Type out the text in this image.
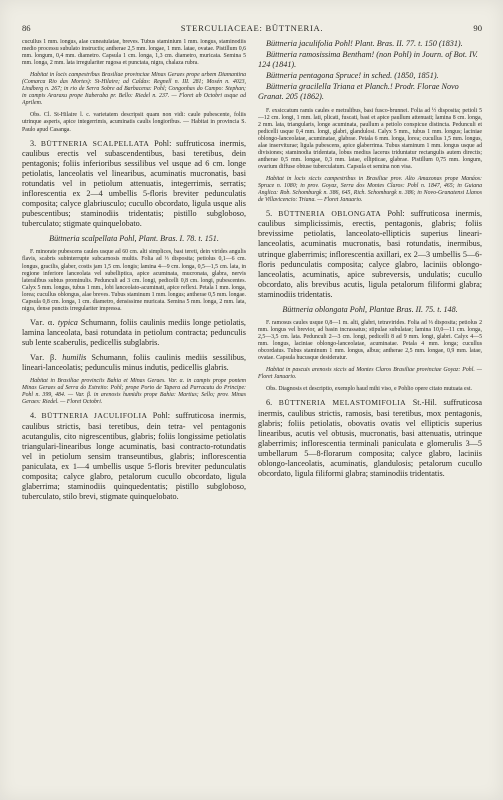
86	STERCULIACEAE: BÜTTNERIA.	90

cucullus 1 mm. longus, alae cuneatulatae, breves. Tubus staminium 1 mm. longus, staminodiis medio processu subulato instructis; antherae 2,5 mm. longae, 1 mm. latae, ovatae. Pistillum 0,6 mm. longum, 0,4 mm. diametro. Capsula 1 cm. longa, 1,3 cm. diametro, muricata. Semina 5 mm. longa, 2 mm. lata irregulariter rugosa et punctata, nigra, chalaza rubra.

Habitat in locis campestribus Brasiliae provinciae Minas Geraes prope urbem Diamantina (Comarca Rio das Mortes): St-Hilaire; ad Caldas: Regnell n. III. 281; Mosén n. 4023, Lindberg n. 267; in rio de Serra Sobre ad Barbacena: Pohl; Congonhas do Campo: Stephan; in campis Araraxu prope Itaberaba pr. Bello: Riedel n. 237. — Floret ab Octobri usque ad Aprilem.

Obs. Cl. St-Hilaire l. c. varietatem descripsit quam non vidi: caule pubescente, foliis utrinque asperis, apice integerrimis, acuminatis caulis longioribus. — Habitat in provincia S. Paulo apud Casanga.

3. BÜTTNERIA SCALPELLATA Pohl: suffruticosa inermis, caulibus erectis vel subascendentibus, basi teretibus, dein pentagonis; foliis inferioribus sessilibus vel usque ad 6 cm. longe petiolatis, lanceolatis vel linearibus, acuminatis mucronatis, basi rotundatis vel in petiolum attenuatis, integerrimis, serratis; inflorescentia ex 2—4 umbellis 5-floris breviter pedunculatis composita; calyce glabriusculo; cucullo obcordato, ligula usque alis pubescentibus; staminodiis tridentatis; pistillo subgloboso, tuberculato; stigmate quinquelobato.

Büttneria scalpellata Pohl, Plant. Bras. I. 78. t. 151.

F. minorate pubescens caules usque ad 60 cm. alti simplices, basi tereti, dein virides angulis flavis, scabris subinterrupte subcarnosis multis. Folia ad ⅓ disposita; petiolus 0,1—6 cm. longus, gracilis, glaber, costis jam 1,5 cm. longis; lamina 4—9 cm. longa, 0,5—1,5 cm. lata, in regione inferiore lanceolata vel subelliptica, apice acuminata, mucronata, glabra, nervis lateralibus subtus prominulis. Pedunculi ad 3 cm. longi, pedicelli 0,8 cm. longi, pubescentes. Calyx 5 mm. longus, tubus 1 mm., lobi lanceolato-acuminati, apice reflexi. Petala 1 mm. longa, lorea; cucullus oblongus, alae breves. Tubus staminum 1 mm. longus; antherae 0,5 mm. longae. Capsula 0,8 cm. longa, 1 cm. diametro, densissime muricata. Semina 5 mm. longa, 2 mm. lata, nigra, dense punctis irregulariter impressa.

Var. α. typica Schumann, foliis caulinis mediis longe petiolatis, lamina lanceolata, basi rotundata in petiolum contracta; pedunculis sub lente scaberulis, pedicellis subglabris.

Var. β. humilis Schumann, foliis caulinis mediis sessilibus, lineari-lanceolatis; pedunculis minus indutis, pedicellis glabris.

Habitat in Brasiliae provinciis Bahia et Minas Geraes. Var. α. in campis prope pontem Minas Geraes ad Serra do Estreito: Pohl; prope Porto de Tapera ad Parracatu do Principe: Pohl n. 399, 484. — Var. β. in arenosis humidis prope Bahia: Martius; Sello; prov. Minas Geraes: Riedel. — Floret Octobri.

4. BÜTTNERIA JACULIFOLIA Pohl: suffruticosa inermis, caulibus strictis, basi teretibus, dein tetra- vel pentagonis acutangulis, cito nigrescentibus, glabris; foliis longissime petiolatis triangulari-linearibus longe acuminatis, basi contracto-rotundatis vel in petiolum sensim transeuntibus, glabris; inflorescentia paniculata, ex 1—4 umbellis usque 5-floris breviter pedunculatis composita; calyce glabro, petalorum cucullo obcordato, ligula glaberrima; staminodiis quinquedentatis; pistillo subgloboso, tuberculato, stilo brevi, stigmate quinquelobato.

Büttneria jaculifolia Pohl! Plant. Bras. II. 77. t. 150 (1831).

Büttneria ramosissima Bentham! (non Pohl) in Journ. of Bot. IV. 124 (1841).

Büttneria pentagona Spruce! in sched. (1850, 1851).

Büttneria gracilella Triana et Planch.! Prodr. Florae Novo Granat. 205 (1862).

F. exsiccatum ramis caules e metralibus, basi fusco-brunnei. Folia ad ½ disposita; petioli 5—12 cm. longi, 1 mm. lati, plicati, fuscati, basi et apice paullum attenuati; lamina 8 cm. longa, 2 mm. lata, triangularis, longe acuminata, paullum a petiolo conspicue distincta. Pedunculi et pedicelli usque 0,4 mm. longi, glabri, glandulosi. Calyx 5 mm., tubus 1 mm. longus; laciniae oblongo-lanceolatae, acuminatae, glabrae. Petala 6 mm. longa, lorea; cucullus 1,5 mm. longus, alae inserviturae; ligula pubescens, apice glaberrima. Tubus staminum 1 mm. longus usque ad divisiones; staminodia tridentata, lobus medius lacerus triduntatur rectangulis autem directis; antherae 0,5 mm. longae, 0,3 mm. latae, ellipticae, glabrae. Pistillum 0,75 mm. longum, ovarium diffuse obtuse tuberculatum. Capsula et semina non visa.

Habitat in locis siccis campestribus in Brasiliae prov. Alto Amazonas prope Manáos: Spruce n. 1080; in prov. Goyaz, Serra dos Montes Claros: Pohl n. 1847, 465; in Guiana Anglica: Rob. Schomburgk n. 386, 645, Rich. Schomburgk n. 386; in Novo-Granatensi Llanos de Villavicencio: Triana. — Floret Januario.

5. BÜTTNERIA OBLONGATA Pohl: suffruticosa inermis, caulibus simplicissimis, erectis, pentagonis, glabris; foliis brevissime petiolatis, lanceolato-ellipticis superius lineari-lanceolatis, acuminatis mucronatis, basi rotundatis, inermibus, utrinque glaberrimis; inflorescentia axillari, ex 2—3 umbellis 5—6-floris pedunculatis composita; calyce glabro, laciniis oblongo-lanceolatis, acuminatis, apice subreversis, undulatis; cucullo obcordato, alis brevibus acutis, ligula petalorum filiformi glabra; staminodiis tridentatis.

Büttneria oblongata Pohl, Plantae Bras. II. 75. t. 148.

F. ramosus caules usque 0,8—1 m. alti, glabri, tetravirides. Folia ad ⅓ disposita; petiolus 2 mm. longus vel brevior, ad basin incrassatus; stipulae subulatae; lamina 10,0—11 cm. longa, 2,5—3,5 cm. lata. Pedunculi 2—3 cm. longi, pedicelli 8 ad 9 mm. longi, glabri. Calyx 4—5 mm. longus, laciniae oblongo-lanceolatae, acuminatae. Petala 4 mm. longa; cucullus obcordatus. Tubus staminum 1 mm. longus, albus; antherae 2,5 mm. longae, 0,9 mm. latae, ovatae. Capsula hucusque desideratur.

Habitat in pascuis arenosis siccis ad Montes Claros Brasiliae provinciae Goyaz: Pohl. — Floret Januario.

Obs. Diagnosis et descriptio, exemplo haud mihi viso, e Pohlio opere citato mutuata est.

6. BÜTTNERIA MELASTOMIFOLIA St.-Hil. suffruticosa inermis, caulibus strictis, ramosis, basi teretibus, mox pentagonis, glabris; foliis petiolatis, obovatis ovatis vel ellipticis superius linearibus, acutis vel obtusis, mucronatis, basi attenuatis, utrinque glaberrimis; inflorescentia terminali paniculata e glomerulis 3—5 umbellarum 5—8-florarum composita; calyce glabro, laciniis oblongo-lanceolatis, acuminatis, glandulosis; petalorum cucullo obcordato, ligula filiformi glabra; staminodiis tridentatis.
